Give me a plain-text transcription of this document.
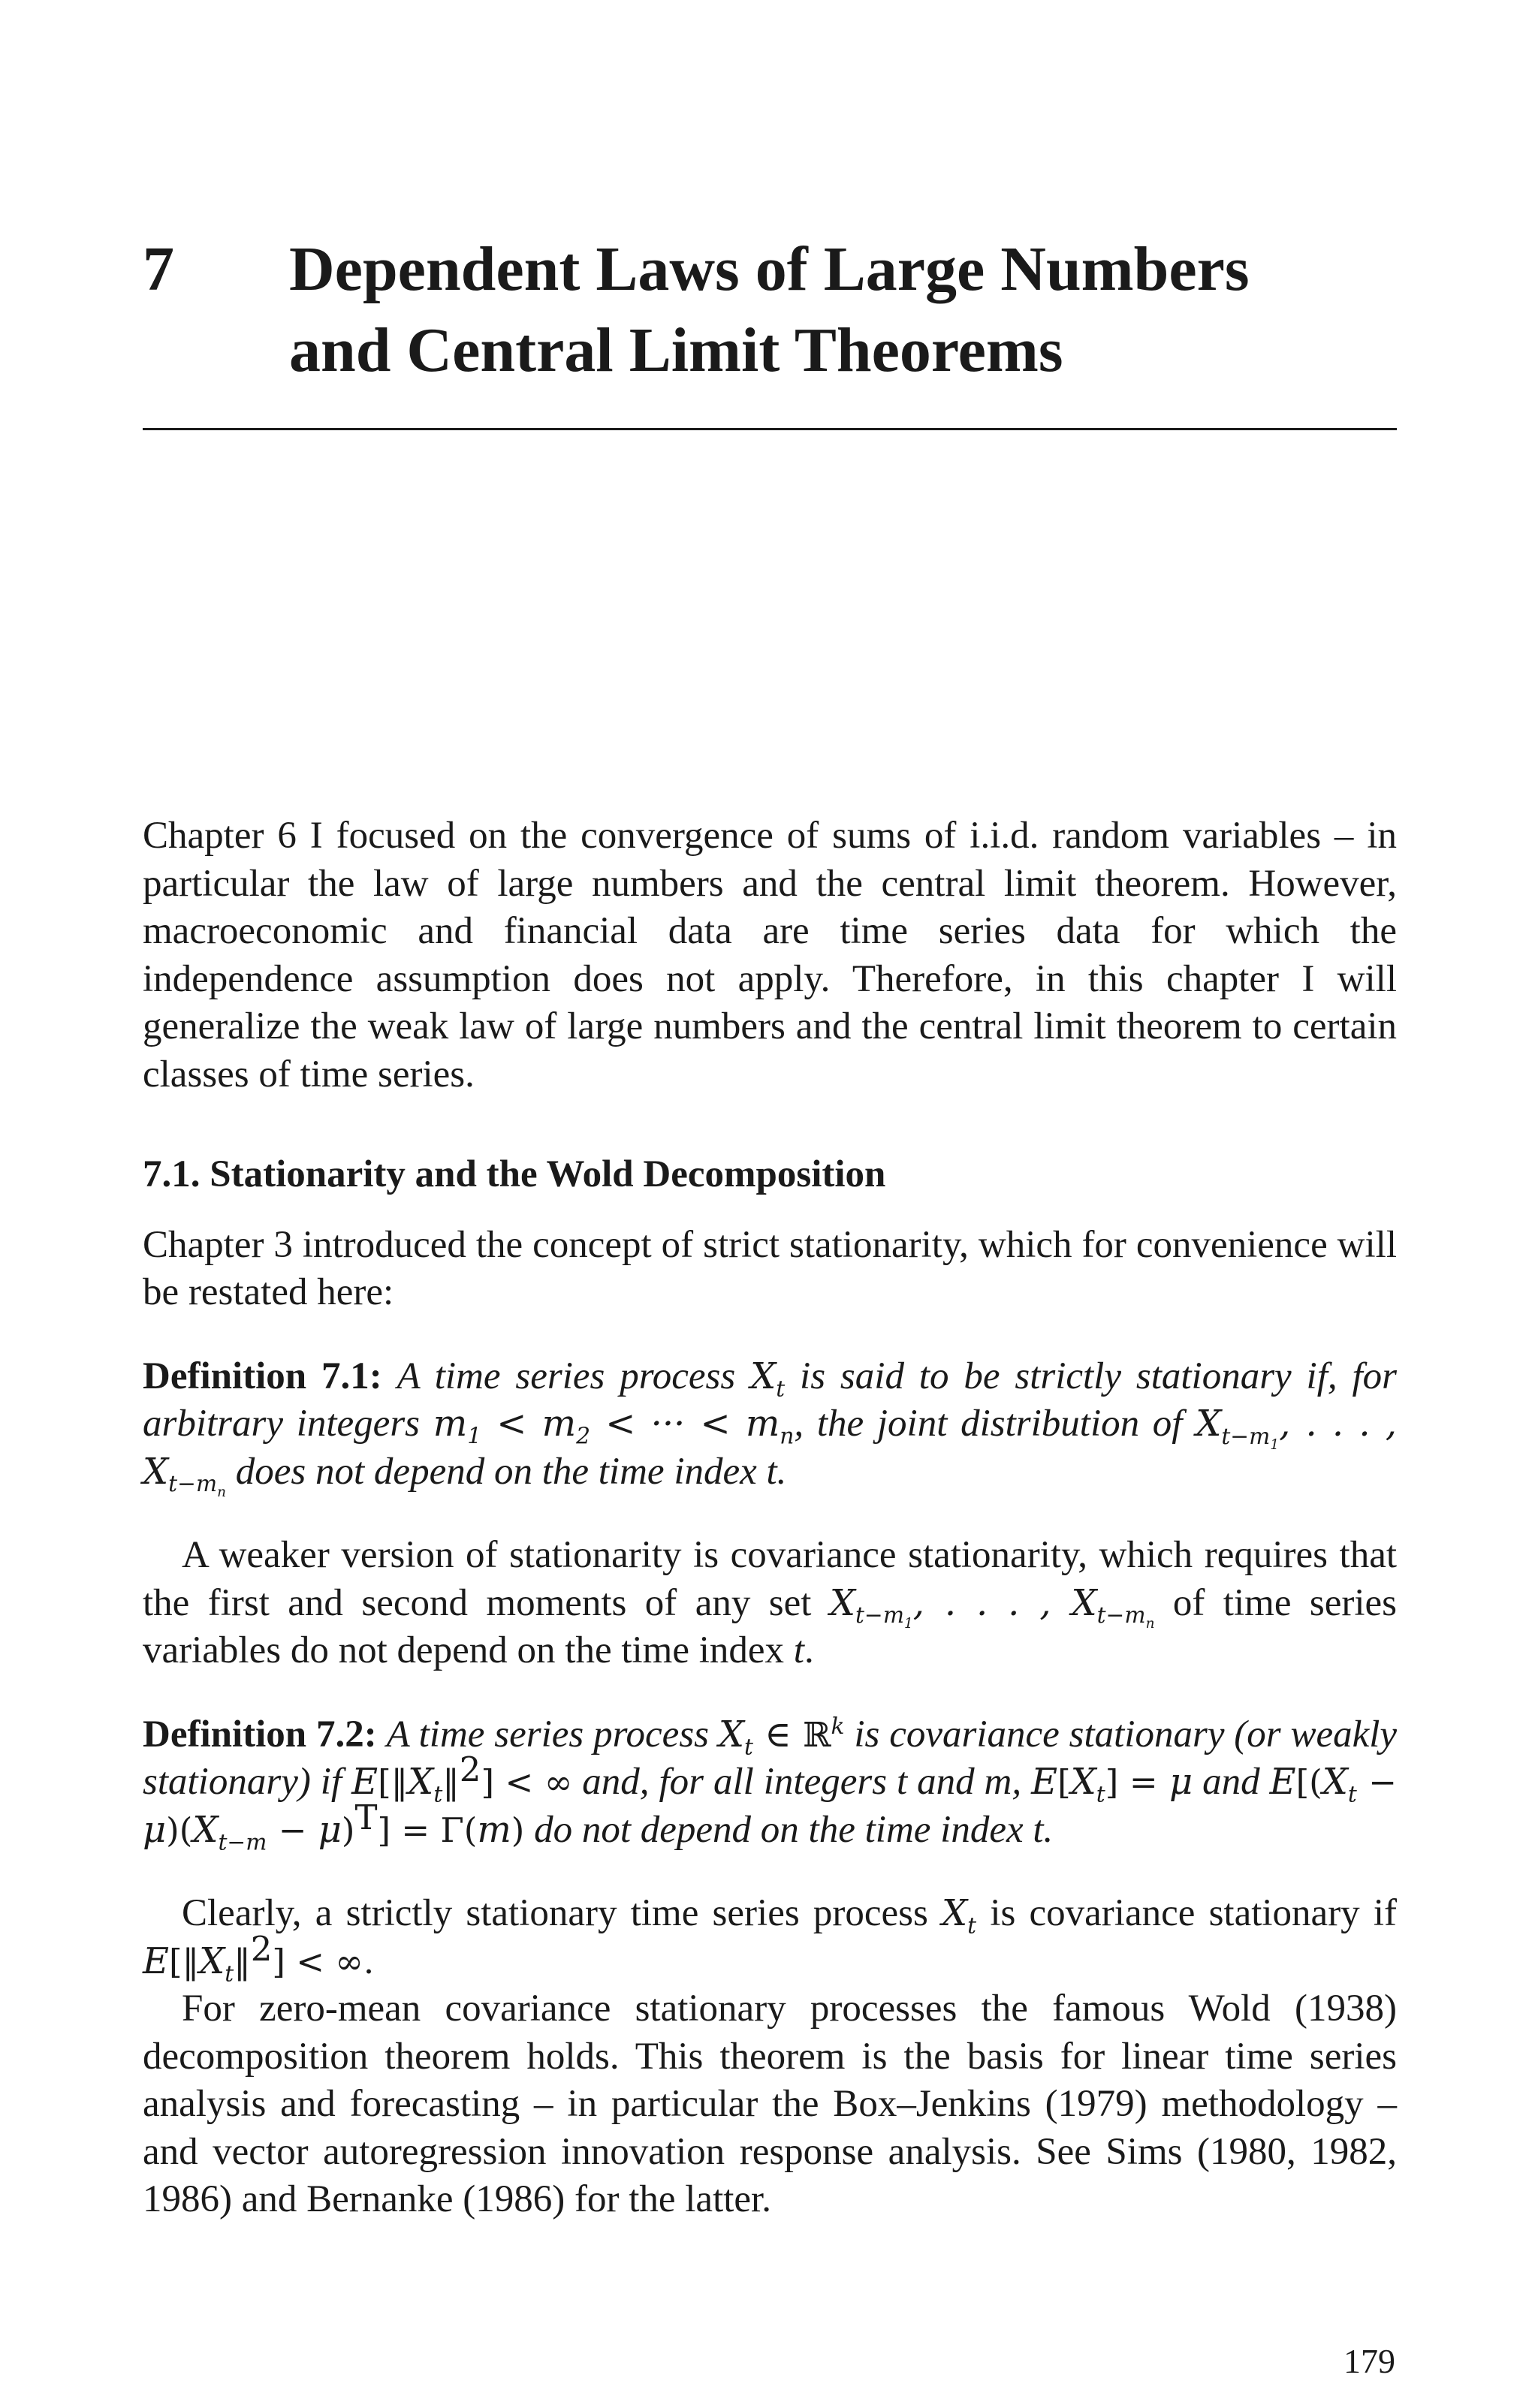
7 Dependent Laws of Large Numbers
and Central Limit Theorems

Chapter 6 I focused on the convergence of sums of i.i.d. random variables – in particular the law of large numbers and the central limit theorem. However, macroeconomic and financial data are time series data for which the independence assumption does not apply. Therefore, in this chapter I will generalize the weak law of large numbers and the central limit theorem to certain classes of time series.

7.1. Stationarity and the Wold Decomposition

Chapter 3 introduced the concept of strict stationarity, which for convenience will be restated here:

Definition 7.1: A time series process $X_t$ is said to be strictly stationary if, for arbitrary integers $m_1 < m_2$ < ··· < $m_n$, the joint distribution of $X_{t-m_1}$, . . . , $X_{t-m_n}$ does not depend on the time index t.

A weaker version of stationarity is covariance stationarity, which requires that the first and second moments of any set $X_{t-m_1}$, . . . , $X_{t-m_n}$ of time series variables do not depend on the time index t.

Definition 7.2: A time series process $X_t$ ∈ ℝ$^k$ is covariance stationary (or weakly stationary) if $E[‖X_t‖^2]$ < ∞ and, for all integers t and m, $E[X_t] = \mu$ and $E[(X_t - \mu)(X_{t-m} - \mu)^T] = \Gamma(m)$ do not depend on the time index t.

Clearly, a strictly stationary time series process $X_t$ is covariance stationary if $E[‖X_t‖^2]$ < ∞.

For zero-mean covariance stationary processes the famous Wold (1938) decomposition theorem holds. This theorem is the basis for linear time series analysis and forecasting – in particular the Box–Jenkins (1979) methodology – and vector autoregression innovation response analysis. See Sims (1980, 1982, 1986) and Bernanke (1986) for the latter.

179
